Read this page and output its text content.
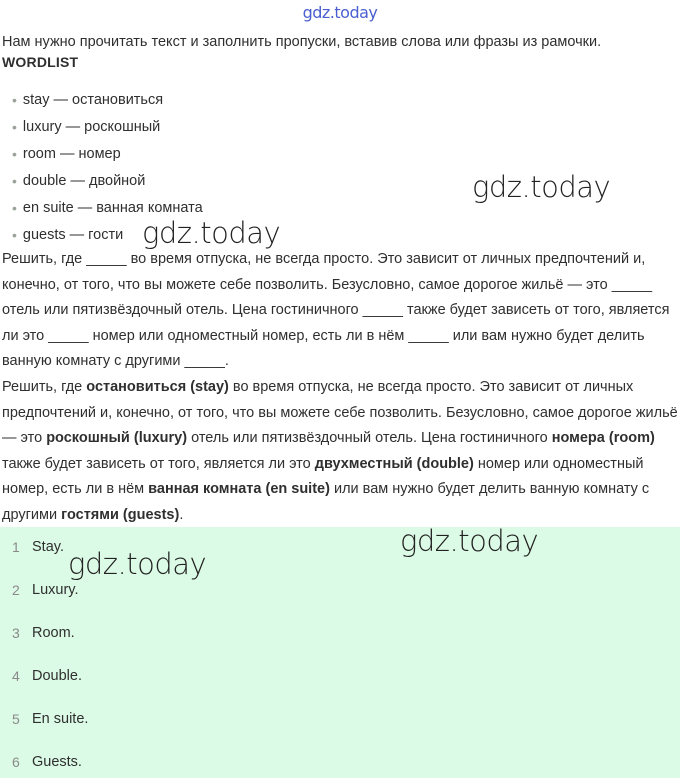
gdz.today
Нам нужно прочитать текст и заполнить пропуски, вставив слова или фразы из рамочки.
WORDLIST
• stay — остановиться
• luxury — роскошный
• room — номер
• double — двойной
• en suite — ванная комната
• guests — гости

Решить, где _____ во время отпуска, не всегда просто. Это зависит от личных предпочтений и, конечно, от того, что вы можете себе позволить. Безусловно, самое дорогое жильё — это _____ отель или пятизвёздочный отель. Цена гостиничного _____ также будет зависеть от того, является ли это _____ номер или одноместный номер, есть ли в нём _____ или вам нужно будет делить ванную комнату с другими _____.

Решить, где остановиться (stay) во время отпуска, не всегда просто. Это зависит от личных предпочтений и, конечно, от того, что вы можете себе позволить. Безусловно, самое дорогое жильё — это роскошный (luxury) отель или пятизвёздочный отель. Цена гостиничного номера (room) также будет зависеть от того, является ли это двухместный (double) номер или одноместный номер, есть ли в нём ванная комната (en suite) или вам нужно будет делить ванную комнату с другими гостями (guests).

1 Stay.
2 Luxury.
3 Room.
4 Double.
5 En suite.
6 Guests.
gdz.today
gdz.today
gdz.today
gdz.today
